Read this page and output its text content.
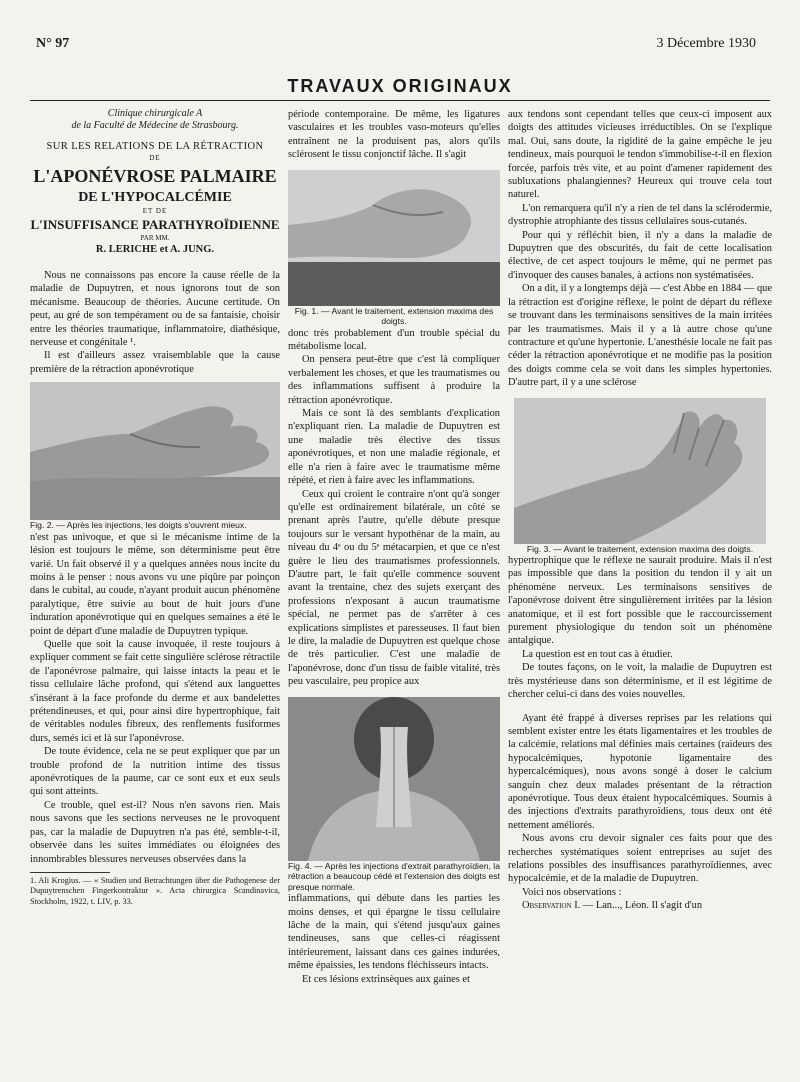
N° 97	3 Décembre 1930
TRAVAUX ORIGINAUX
Clinique chirurgicale A
de la Faculté de Médecine de Strasbourg.
SUR LES RELATIONS DE LA RÉTRACTION
DE
L'APONÉVROSE PALMAIRE
DE L'HYPOCALCÉMIE
ET DE
L'INSUFFISANCE PARATHYROÏDIENNE
PAR MM.
R. LERICHE et A. JUNG.

Nous ne connaissons pas encore la cause réelle de la maladie de Dupuytren, et nous ignorons tout de son mécanisme. Beaucoup de théories. Aucune certitude. On peut, au gré de son tempérament ou de sa fantaisie, choisir entre les théories traumatique, inflammatoire, diathésique, nerveuse et congénitale ¹.

Il est d'ailleurs assez vraisemblable que la cause première de la rétraction aponévrotique

Fig. 2. — Après les injections, les doigts s'ouvrent mieux.

n'est pas univoque, et que si le mécanisme intime de la lésion est toujours le même, son déterminisme peut être varié. Un fait observé il y a quelques années nous incite du moins à le penser : nous avons vu une piqûre par poinçon dans le cubital, au coude, n'ayant produit aucun phénomène paralytique, être suivie au bout de huit jours d'une induration aponévrotique qui en quelques semaines a été le point de départ d'une maladie de Dupuytren typique.

Quelle que soit la cause invoquée, il reste toujours à expliquer comment se fait cette singulière sclérose rétractile de l'aponévrose palmaire, qui laisse intacts la peau et le tissu cellulaire lâche profond, qui s'étend aux languettes s'insérant à la face profonde du derme et aux bandelettes prétendineuses, et qui, pour ainsi dire hypertrophique, fait de véritables nodules fibreux, des renflements fusiformes durs, semés ici et là sur l'aponévrose.

De toute évidence, cela ne se peut expliquer que par un trouble profond de la nutrition intime des tissus aponévrotiques de la paume, car ce sont eux et eux seuls qui sont atteints.

Ce trouble, quel est-il? Nous n'en savons rien. Mais nous savons que les sections nerveuses ne le provoquent pas, car la maladie de Dupuytren n'a pas été, semble-t-il, observée dans les suites immédiates ou éloignées des innombrables blessures nerveuses observées dans la

1. Ali Krogius. — « Studien und Betrachtungen über die Pathogenese der Dupuytrenschen Fingerkontraktur ». Acta chirurgica Scandinavica, Stockholm, 1922, t. LIV, p. 33.

période contemporaine. De même, les ligatures vasculaires et les troubles vaso-moteurs qu'elles entraînent ne la produisent pas, alors qu'ils sclérosent le tissu conjonctif lâche. Il s'agit

Fig. 1. — Avant le traitement, extension maxima des doigts.

donc très probablement d'un trouble spécial du métabolisme local.

On pensera peut-être que c'est là compliquer verbalement les choses, et que les traumatismes ou des inflammations suffisent à produire la rétraction aponévrotique.

Mais ce sont là des semblants d'explication n'expliquant rien. La maladie de Dupuytren est une maladie très élective des tissus aponévrotiques, et non une maladie régionale, et elle n'a rien à faire avec le traumatisme même répété, et rien à faire avec les inflammations.

Ceux qui croient le contraire n'ont qu'à songer qu'elle est ordinairement bilatérale, un côté se prenant après l'autre, qu'elle débute presque toujours sur le versant hypothénar de la main, au niveau du 4ᵉ ou du 5ᵉ métacarpien, et que ce n'est guère le lieu des traumatismes professionnels. D'autre part, le fait qu'elle commence souvent avant la trentaine, chez des sujets exerçant des professions n'exposant à aucun traumatisme spécial, ne permet pas de s'arrêter à ces explications simplistes et paresseuses. Il faut bien le dire, la maladie de Dupuytren est quelque chose de très particulier. C'est une maladie de l'aponévrose, donc d'un tissu de faible vitalité, très peu vasculaire, peu propice aux

Fig. 4. — Après les injections d'extrait parathyroïdien, la rétraction a beaucoup cédé et l'extension des doigts est presque normale.

inflammations, qui débute dans les parties les moins denses, et qui épargne le tissu cellulaire lâche de la main, qui s'étend jusqu'aux gaines tendineuses, sans que celles-ci réagissent intérieurement, laissant dans ces gaines indurées, même épaissies, les tendons fléchisseurs intacts.

Et ces lésions extrinsèques aux gaines et

aux tendons sont cependant telles que ceux-ci imposent aux doigts des attitudes vicieuses irréductibles. On se l'explique mal. Oui, sans doute, la rigidité de la gaine empêche le jeu tendineux, mais pourquoi le tendon s'immobilise-t-il en flexion forcée, parfois très vite, et au point d'amener rapidement des subluxations phalangiennes? Heureux qui trouve cela tout naturel.

L'on remarquera qu'il n'y a rien de tel dans la sclérodermie, dystrophie atrophiante des tissus cellulaires sous-cutanés.

Pour qui y réfléchit bien, il n'y a dans la maladie de Dupuytren que des obscurités, du fait de cette localisation élective, de cet aspect toujours le même, qui ne permet pas d'invoquer des causes banales, à actions non systématisées.

On a dit, il y a longtemps déjà — c'est Abbe en 1884 — que la rétraction est d'origine réflexe, le point de départ du réflexe se trouvant dans les terminaisons sensitives de la main irritées par les traumatismes. Mais il y a là autre chose qu'une contracture et qu'une hypertonie. L'anesthésie locale ne fait pas céder la rétraction aponévrotique et ne modifie pas la position des doigts comme cela se voit dans les simples hypertonies. D'autre part, il y a une sclérose

Fig. 3. — Avant le traitement, extension maxima des doigts.

hypertrophique que le réflexe ne saurait produire. Mais il n'est pas impossible que dans la position du tendon il y ait un phénomène nerveux. Les terminaisons sensitives de l'aponévrose doivent être singulièrement irritées par la lésion anatomique, et il est fort possible que le raccourcissement purement physiologique du tendon soit un phénomène antalgique.

La question est en tout cas à étudier.

De toutes façons, on le voit, la maladie de Dupuytren est très mystérieuse dans son déterminisme, et il est légitime de chercher celui-ci dans des voies nouvelles.

Ayant été frappé à diverses reprises par les relations qui semblent exister entre les états ligamentaires et les troubles de la calcémie, relations mal définies mais certaines (raideurs des hypocalcémiques, hypotonie ligamentaire des hypercalcémiques), nous avons songé à doser le calcium sanguin chez deux malades présentant de la rétraction aponévrotique. Tous deux étaient hypocalcémiques. Soumis à des injections d'extraits parathyroïdiens, tous deux ont été nettement améliorés.

Nous avons cru devoir signaler ces faits pour que des recherches systématiques soient entreprises au sujet des relations possibles des insuffisances parathyroïdiennes, avec hypocalcémie, et de la maladie de Dupuytren.

Voici nos observations :

Observation I. — Lan..., Léon. Il s'agit d'un
